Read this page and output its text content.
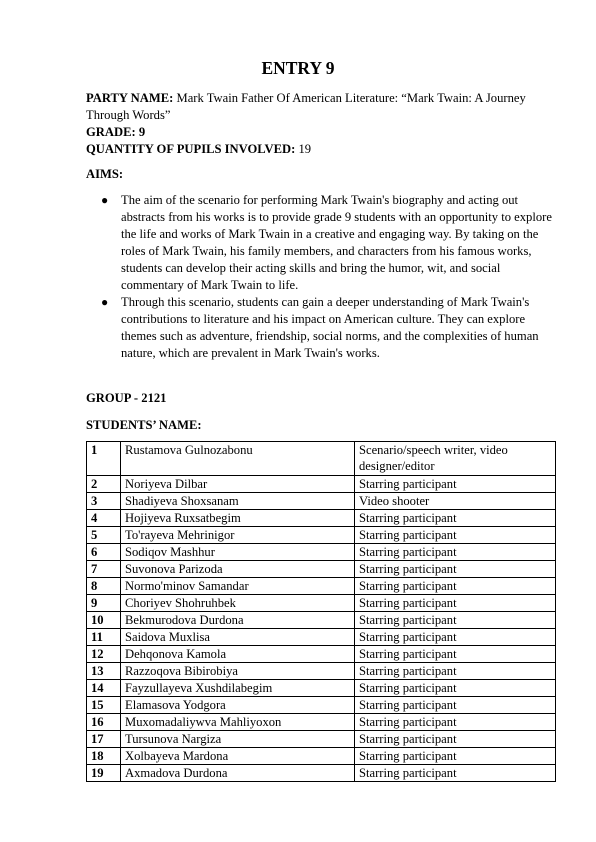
ENTRY 9
PARTY NAME: Mark Twain Father Of American Literature: “Mark Twain: A Journey Through Words”
GRADE: 9
QUANTITY OF PUPILS INVOLVED: 19
AIMS:
● The aim of the scenario for performing Mark Twain's biography and acting out abstracts from his works is to provide grade 9 students with an opportunity to explore the life and works of Mark Twain in a creative and engaging way. By taking on the roles of Mark Twain, his family members, and characters from his famous works, students can develop their acting skills and bring the humor, wit, and social commentary of Mark Twain to life.
● Through this scenario, students can gain a deeper understanding of Mark Twain's contributions to literature and his impact on American culture. They can explore themes such as adventure, friendship, social norms, and the complexities of human nature, which are prevalent in Mark Twain's works.
GROUP - 2121
STUDENTS’ NAME:
1	Rustamova Gulnozabonu	Scenario/speech writer, video designer/editor
2	Noriyeva Dilbar	Starring participant
3	Shadiyeva Shoxsanam	Video shooter
4	Hojiyeva Ruxsatbegim	Starring participant
5	To'rayeva Mehrinigor	Starring participant
6	Sodiqov Mashhur	Starring participant
7	Suvonova Parizoda	Starring participant
8	Normo'minov Samandar	Starring participant
9	Choriyev Shohruhbek	Starring participant
10	Bekmurodova Durdona	Starring participant
11	Saidova Muxlisa	Starring participant
12	Dehqonova Kamola	Starring participant
13	Razzoqova Bibirobiya	Starring participant
14	Fayzullayeva Xushdilabegim	Starring participant
15	Elamasova Yodgora	Starring participant
16	Muxomadaliywva Mahliyoxon	Starring participant
17	Tursunova Nargiza	Starring participant
18	Xolbayeva Mardona	Starring participant
19	Axmadova Durdona	Starring participant
